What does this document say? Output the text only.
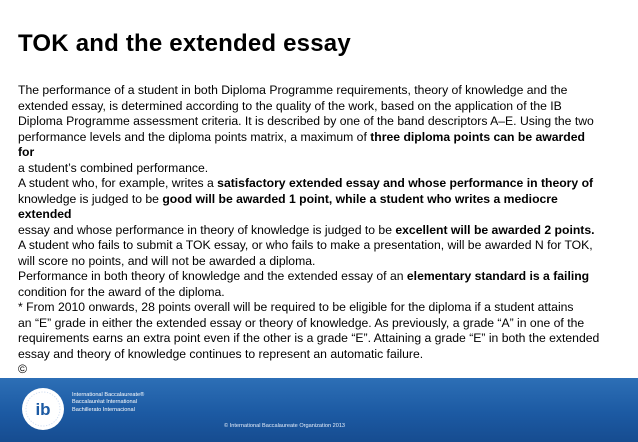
TOK and the extended essay
The performance of a student in both Diploma Programme requirements, theory of knowledge and the
extended essay, is determined according to the quality of the work, based on the application of the IB
Diploma Programme assessment criteria. It is described by one of the band descriptors A–E. Using the two
performance levels and the diploma points matrix, a maximum of three diploma points can be awarded
for
a student’s combined performance.
A student who, for example, writes a satisfactory extended essay and whose performance in theory of
knowledge is judged to be good will be awarded 1 point, while a student who writes a mediocre
extended
essay and whose performance in theory of knowledge is judged to be excellent will be awarded 2 points.
A student who fails to submit a TOK essay, or who fails to make a presentation, will be awarded N for TOK,
will score no points, and will not be awarded a diploma.
Performance in both theory of knowledge and the extended essay of an elementary standard is a failing
condition for the award of the diploma.
* From 2010 onwards, 28 points overall will be required to be eligible for the diploma if a student attains
an “E” grade in either the extended essay or theory of knowledge. As previously, a grade “A” in one of the
requirements earns an extra point even if the other is a grade “E”. Attaining a grade “E” in both the extended
essay and theory of knowledge continues to represent an automatic failure.
©
ib
International Baccalaureate®
Baccalauréat International
Bachillerato Internacional
© International Baccalaureate Organization 2013
